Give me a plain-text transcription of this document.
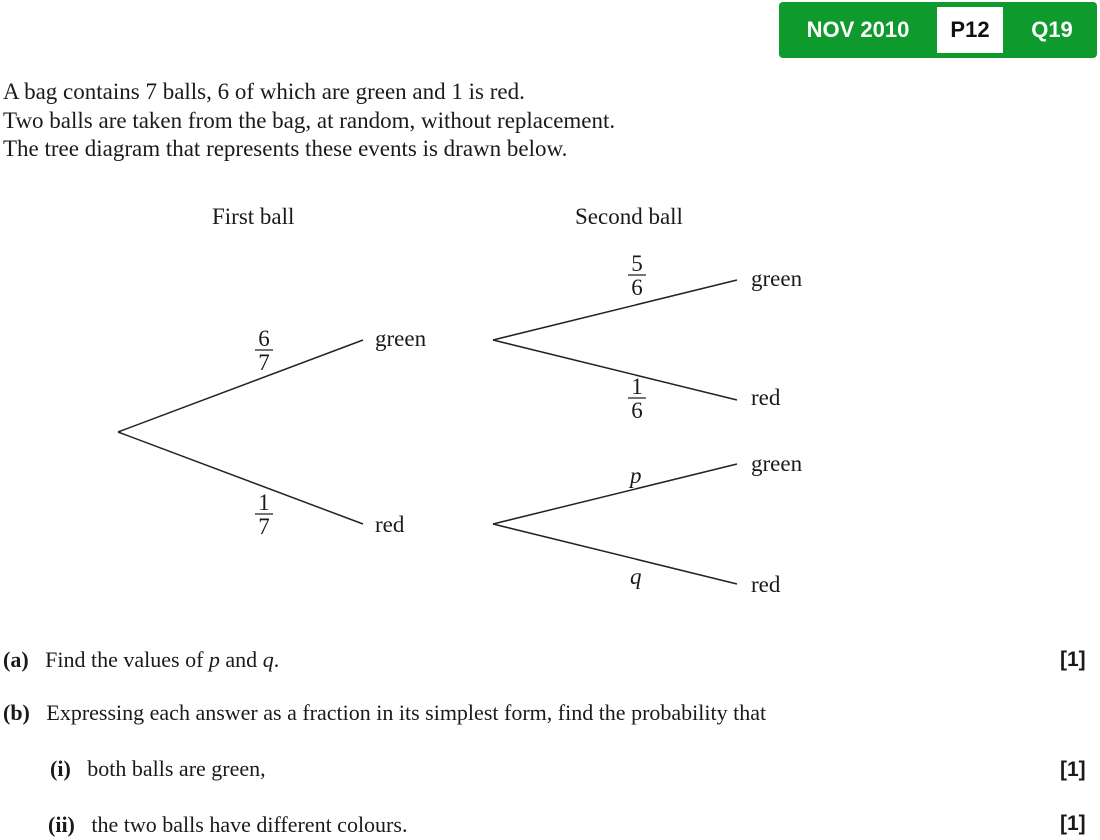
NOV 2010	P12	Q19
A bag contains 7 balls, 6 of which are green and 1 is red.
Two balls are taken from the bag, at random, without replacement.
The tree diagram that represents these events is drawn below.
First ball	Second ball
6
7
green
1
7	red
5
6	green
1
6
red
p	green
q	red
(a) Find the values of p and q.	[1]
(b) Expressing each answer as a fraction in its simplest form, find the probability that
(i) both balls are green,	[1]
(ii) the two balls have different colours.	[1]
